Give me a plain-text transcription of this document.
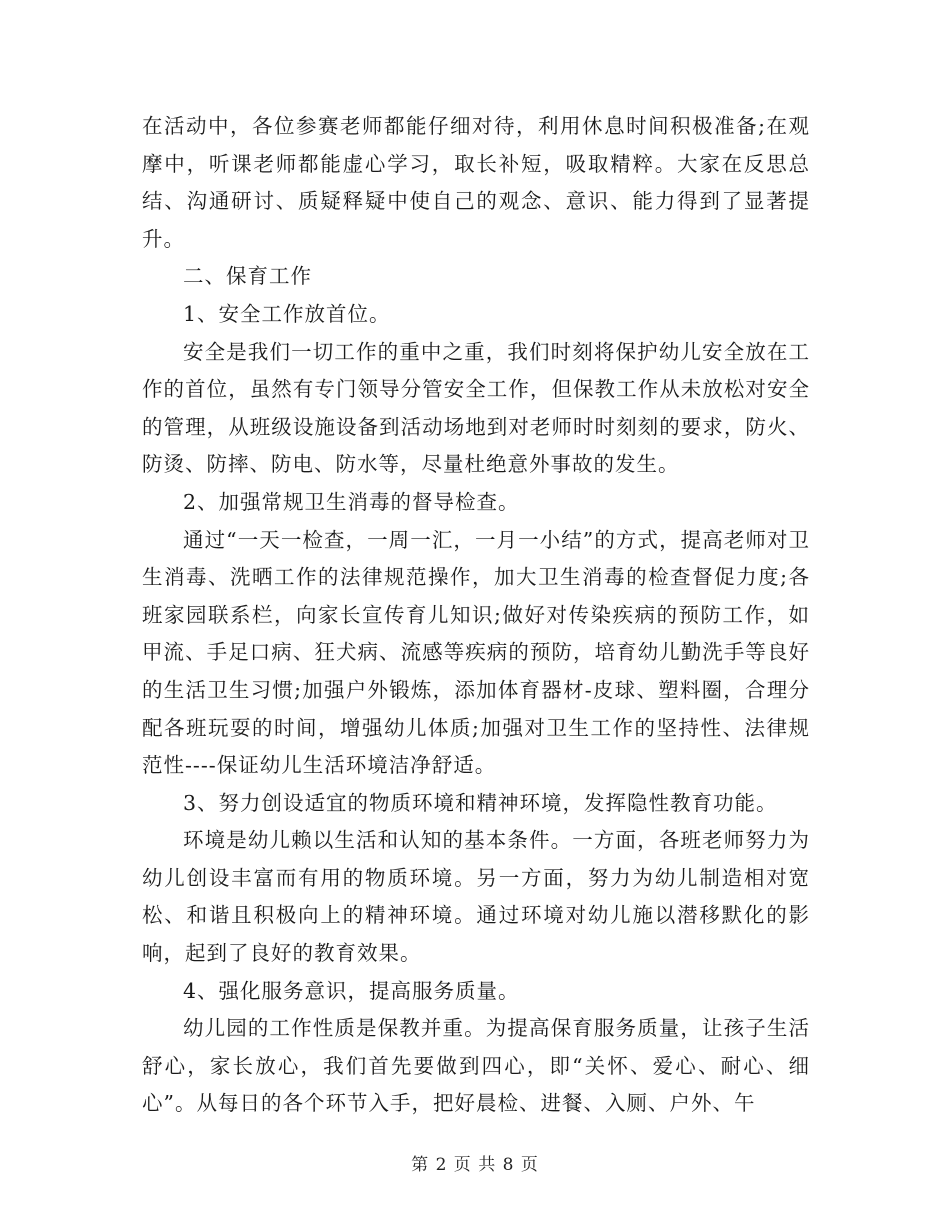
在活动中，各位参赛老师都能仔细对待，利用休息时间积极准备;在观摩中，听课老师都能虚心学习，取长补短，吸取精粹。大家在反思总结、沟通研讨、质疑释疑中使自己的观念、意识、能力得到了显著提升。

二、保育工作

1、安全工作放首位。

安全是我们一切工作的重中之重，我们时刻将保护幼儿安全放在工作的首位，虽然有专门领导分管安全工作，但保教工作从未放松对安全的管理，从班级设施设备到活动场地到对老师时时刻刻的要求，防火、防烫、防摔、防电、防水等，尽量杜绝意外事故的发生。

2、加强常规卫生消毒的督导检查。

通过“一天一检查，一周一汇，一月一小结”的方式，提高老师对卫生消毒、洗晒工作的法律规范操作，加大卫生消毒的检查督促力度;各班家园联系栏，向家长宣传育儿知识;做好对传染疾病的预防工作，如甲流、手足口病、狂犬病、流感等疾病的预防，培育幼儿勤洗手等良好的生活卫生习惯;加强户外锻炼，添加体育器材-皮球、塑料圈，合理分配各班玩耍的时间，增强幼儿体质;加强对卫生工作的坚持性、法律规范性----保证幼儿生活环境洁净舒适。

3、努力创设适宜的物质环境和精神环境，发挥隐性教育功能。

环境是幼儿赖以生活和认知的基本条件。一方面，各班老师努力为幼儿创设丰富而有用的物质环境。另一方面，努力为幼儿制造相对宽松、和谐且积极向上的精神环境。通过环境对幼儿施以潜移默化的影响，起到了良好的教育效果。

4、强化服务意识，提高服务质量。

幼儿园的工作性质是保教并重。为提高保育服务质量，让孩子生活舒心，家长放心，我们首先要做到四心，即“关怀、爱心、耐心、细心”。从每日的各个环节入手，把好晨检、进餐、入厕、户外、午

第 2 页 共 8 页
